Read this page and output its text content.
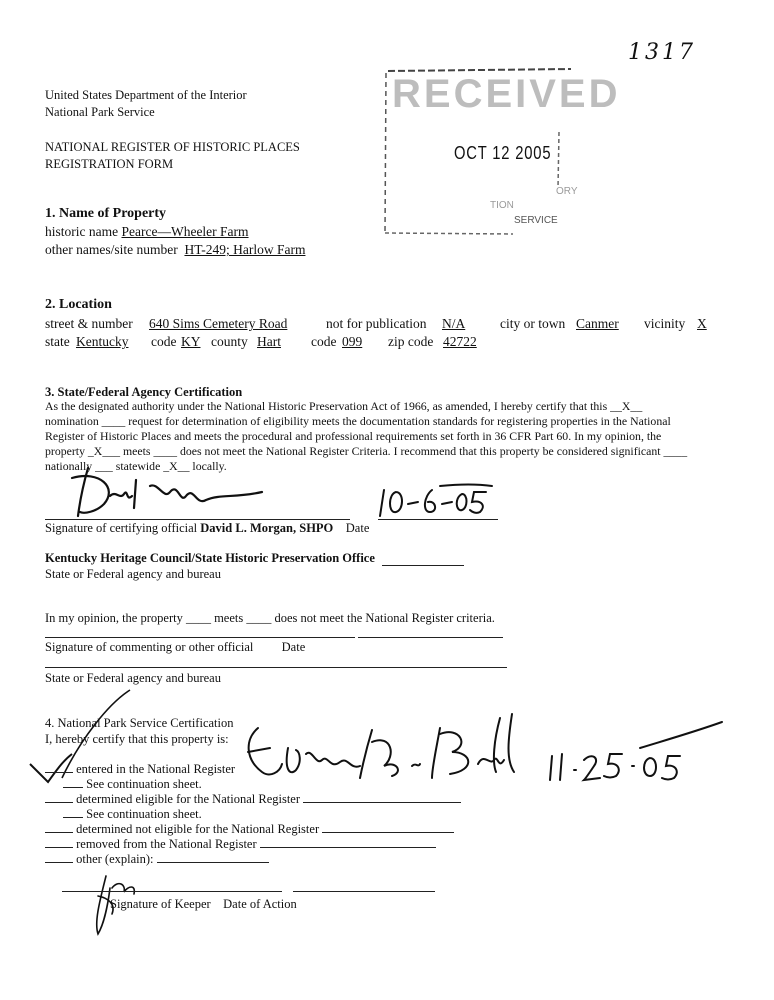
1317
United States Department of the Interior
National Park Service
NATIONAL REGISTER OF HISTORIC PLACES
REGISTRATION FORM
RECEIVED
OCT 12 2005
ORY
TION
SERVICE
1. Name of Property
historic name Pearce—Wheeler Farm
other names/site number HT-249; Harlow Farm
2. Location
street & number 640 Sims Cemetery Road	not for publication N/A	city or town Canmer vicinity X
state Kentucky code KY county Hart code 099 zip code 42722
3. State/Federal Agency Certification
As the designated authority under the National Historic Preservation Act of 1966, as amended, I hereby certify that this __X__
nomination ____ request for determination of eligibility meets the documentation standards for registering properties in the National
Register of Historic Places and meets the procedural and professional requirements set forth in 36 CFR Part 60. In my opinion, the
property _X___ meets ____ does not meet the National Register Criteria. I recommend that this property be considered significant ____
nationally ___ statewide _X__ locally.
Signature of certifying official David L. Morgan, SHPO Date
Kentucky Heritage Council/State Historic Preservation Office
State or Federal agency and bureau
In my opinion, the property ____ meets ____ does not meet the National Register criteria.
Signature of commenting or other official Date
State or Federal agency and bureau
4. National Park Service Certification
I, hereby certify that this property is:
entered in the National Register
See continuation sheet.
determined eligible for the National Register
See continuation sheet.
determined not eligible for the National Register
removed from the National Register
other (explain):
Signature of Keeper Date of Action
